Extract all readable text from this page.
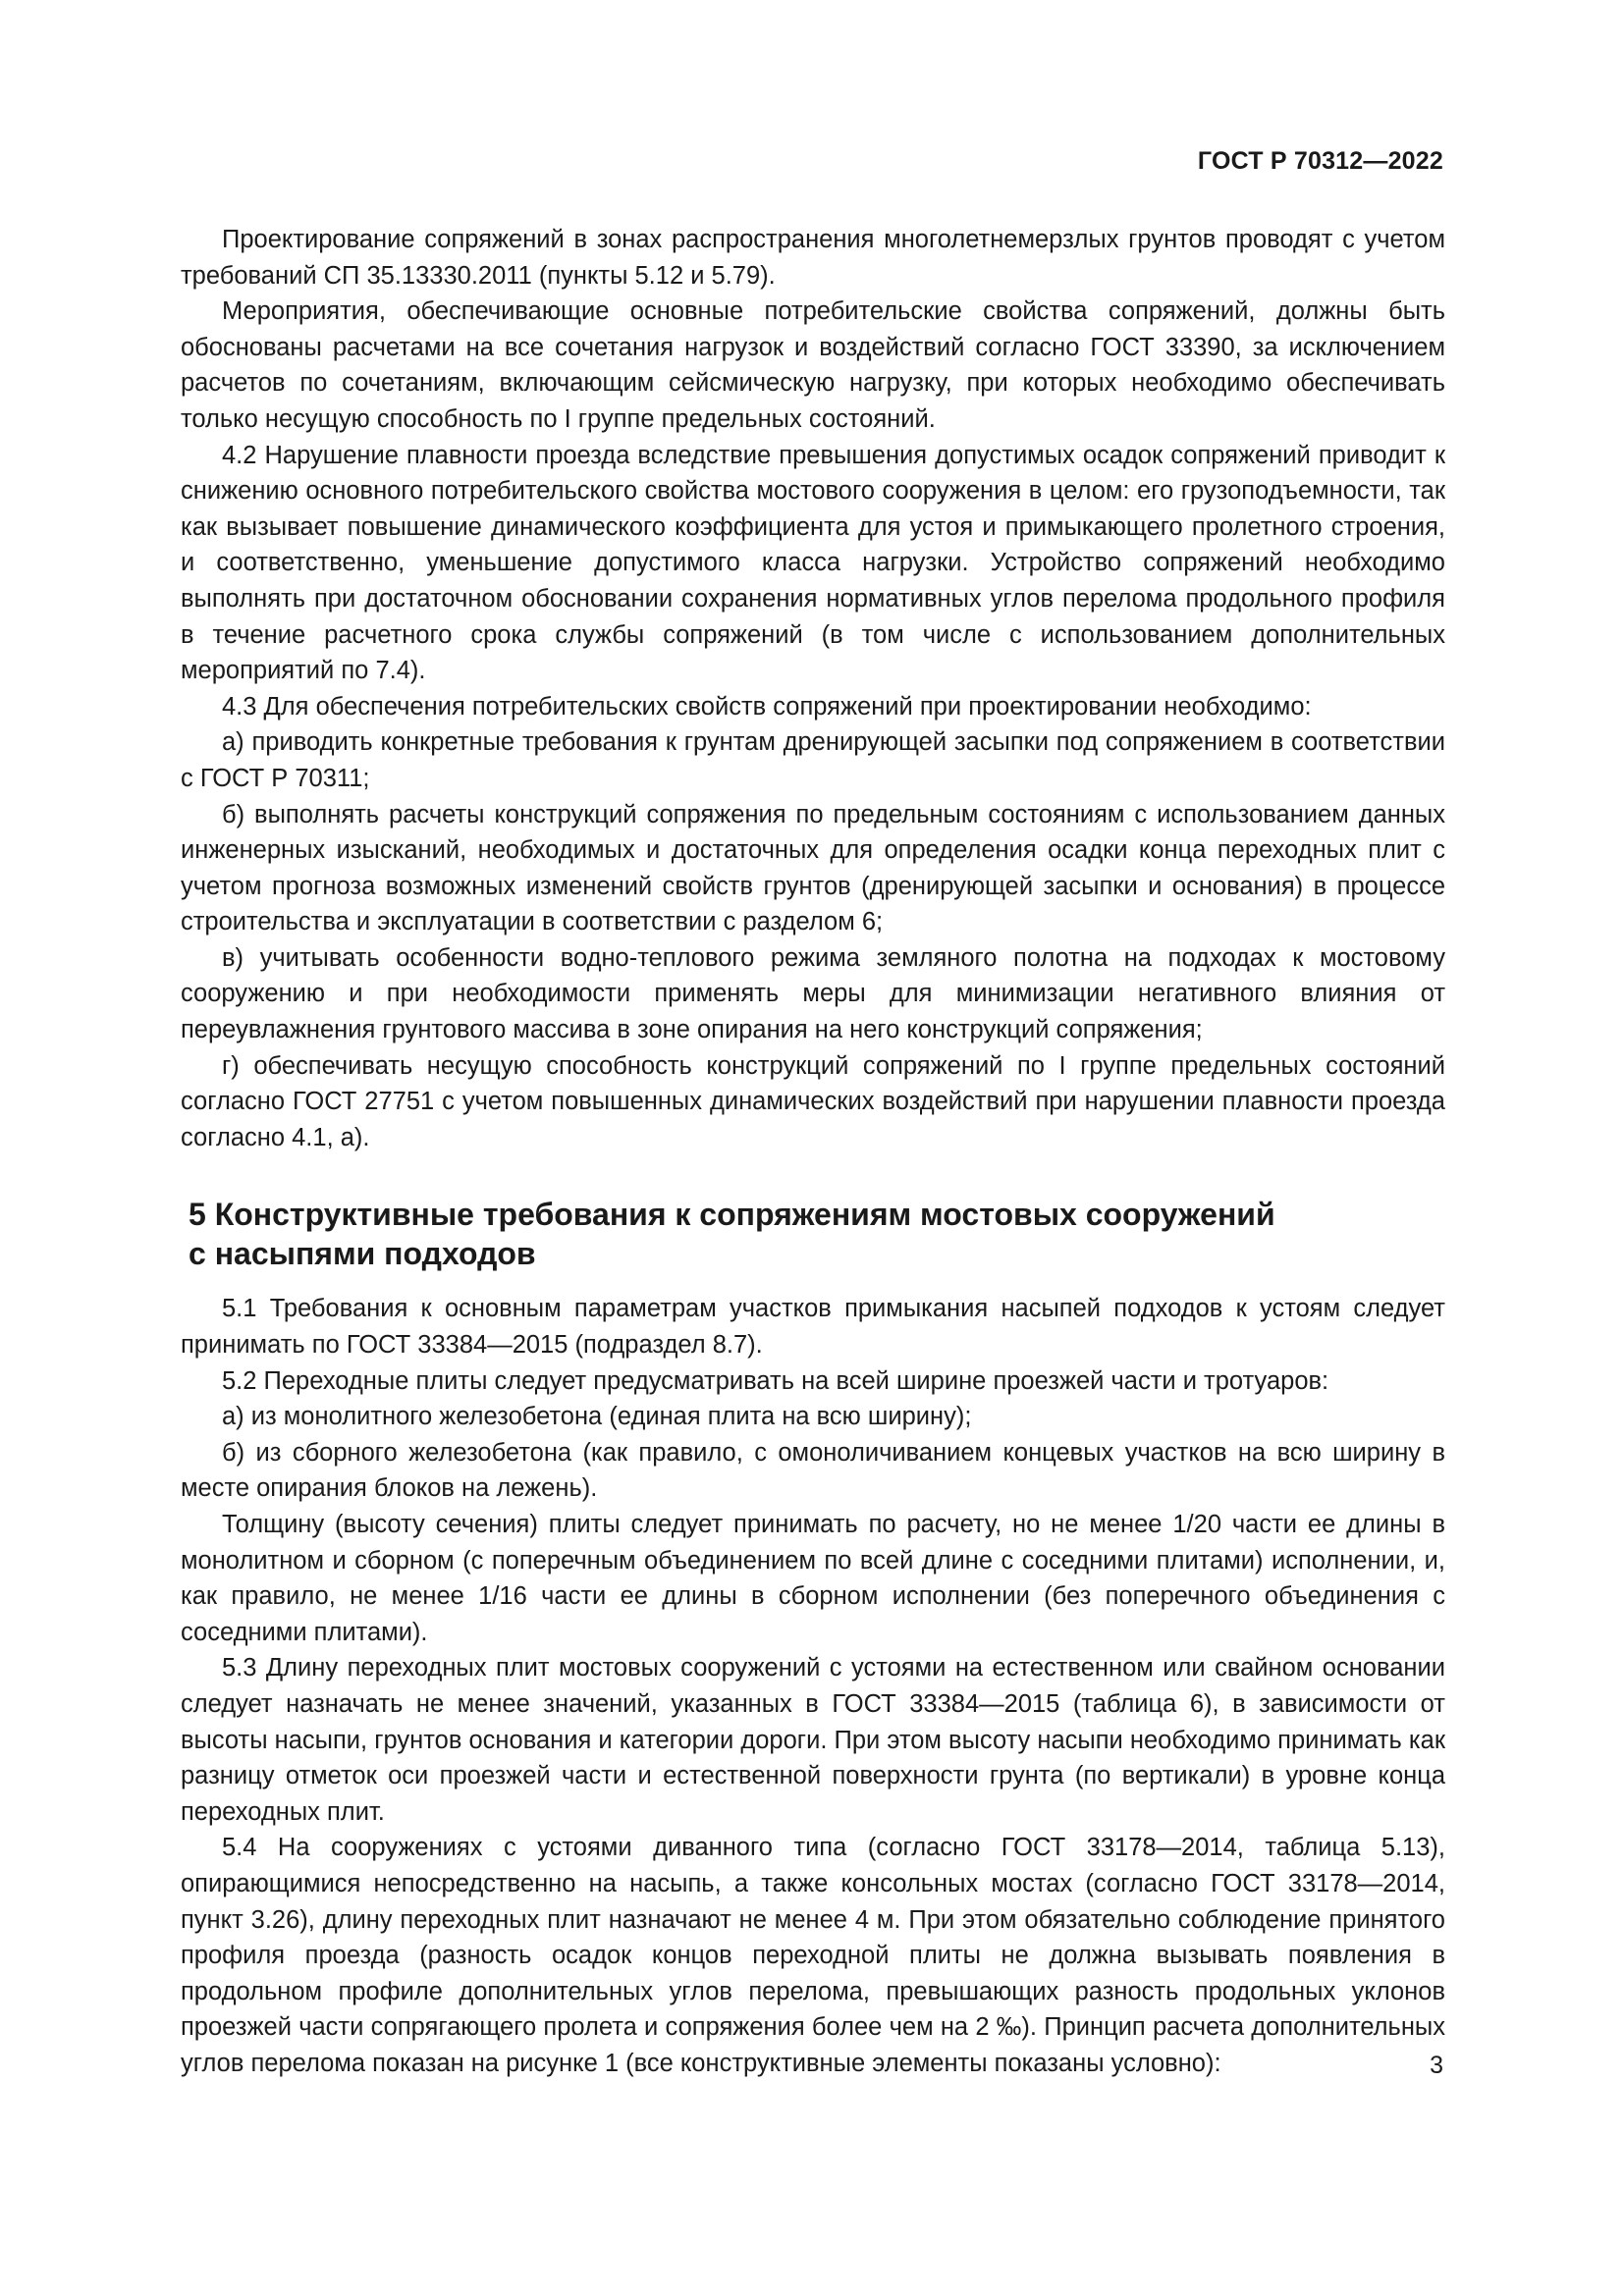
ГОСТ Р 70312—2022

Проектирование сопряжений в зонах распространения многолетнемерзлых грунтов проводят с учетом требований СП 35.13330.2011 (пункты 5.12 и 5.79).

Мероприятия, обеспечивающие основные потребительские свойства сопряжений, должны быть обоснованы расчетами на все сочетания нагрузок и воздействий согласно ГОСТ 33390, за исключением расчетов по сочетаниям, включающим сейсмическую нагрузку, при которых необходимо обеспечивать только несущую способность по I группе предельных состояний.

4.2 Нарушение плавности проезда вследствие превышения допустимых осадок сопряжений приводит к снижению основного потребительского свойства мостового сооружения в целом: его грузоподъемности, так как вызывает повышение динамического коэффициента для устоя и примыкающего пролетного строения, и соответственно, уменьшение допустимого класса нагрузки. Устройство сопряжений необходимо выполнять при достаточном обосновании сохранения нормативных углов перелома продольного профиля в течение расчетного срока службы сопряжений (в том числе с использованием дополнительных мероприятий по 7.4).

4.3 Для обеспечения потребительских свойств сопряжений при проектировании необходимо:

а) приводить конкретные требования к грунтам дренирующей засыпки под сопряжением в соответствии с ГОСТ Р 70311;

б) выполнять расчеты конструкций сопряжения по предельным состояниям с использованием данных инженерных изысканий, необходимых и достаточных для определения осадки конца переходных плит с учетом прогноза возможных изменений свойств грунтов (дренирующей засыпки и основания) в процессе строительства и эксплуатации в соответствии с разделом 6;

в) учитывать особенности водно-теплового режима земляного полотна на подходах к мостовому сооружению и при необходимости применять меры для минимизации негативного влияния от переувлажнения грунтового массива в зоне опирания на него конструкций сопряжения;

г) обеспечивать несущую способность конструкций сопряжений по I группе предельных состояний согласно ГОСТ 27751 с учетом повышенных динамических воздействий при нарушении плавности проезда согласно 4.1, а).

5 Конструктивные требования к сопряжениям мостовых сооружений
с насыпями подходов

5.1 Требования к основным параметрам участков примыкания насыпей подходов к устоям следует принимать по ГОСТ 33384—2015 (подраздел 8.7).

5.2 Переходные плиты следует предусматривать на всей ширине проезжей части и тротуаров:

а) из монолитного железобетона (единая плита на всю ширину);

б) из сборного железобетона (как правило, с омоноличиванием концевых участков на всю ширину в месте опирания блоков на лежень).

Толщину (высоту сечения) плиты следует принимать по расчету, но не менее 1/20 части ее длины в монолитном и сборном (с поперечным объединением по всей длине с соседними плитами) исполнении, и, как правило, не менее 1/16 части ее длины в сборном исполнении (без поперечного объединения с соседними плитами).

5.3 Длину переходных плит мостовых сооружений с устоями на естественном или свайном основании следует назначать не менее значений, указанных в ГОСТ 33384—2015 (таблица 6), в зависимости от высоты насыпи, грунтов основания и категории дороги. При этом высоту насыпи необходимо принимать как разницу отметок оси проезжей части и естественной поверхности грунта (по вертикали) в уровне конца переходных плит.

5.4 На сооружениях с устоями диванного типа (согласно ГОСТ 33178—2014, таблица 5.13), опирающимися непосредственно на насыпь, а также консольных мостах (согласно ГОСТ 33178—2014, пункт 3.26), длину переходных плит назначают не менее 4 м. При этом обязательно соблюдение принятого профиля проезда (разность осадок концов переходной плиты не должна вызывать появления в продольном профиле дополнительных углов перелома, превышающих разность продольных уклонов проезжей части сопрягающего пролета и сопряжения более чем на 2 ‰). Принцип расчета дополнительных углов перелома показан на рисунке 1 (все конструктивные элементы показаны условно):	3
